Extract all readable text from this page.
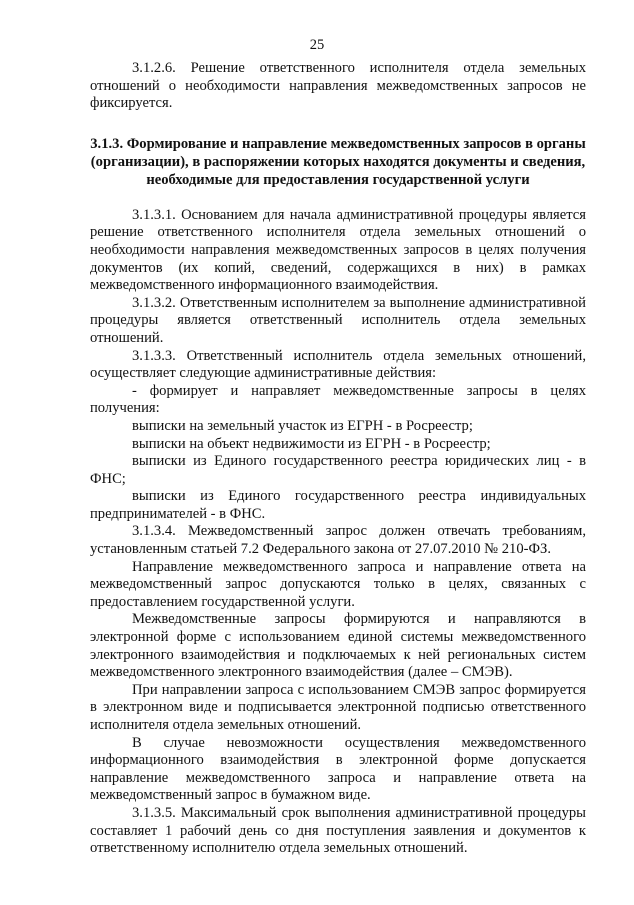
25

3.1.2.6. Решение ответственного исполнителя отдела земельных отношений о необходимости направления межведомственных запросов не фиксируется.

3.1.3. Формирование и направление межведомственных запросов в органы (организации), в распоряжении которых находятся документы и сведения, необходимые для предоставления государственной услуги

3.1.3.1. Основанием для начала административной процедуры является решение ответственного исполнителя отдела земельных отношений о необходимости направления межведомственных запросов в целях получения документов (их копий, сведений, содержащихся в них) в рамках межведомственного информационного взаимодействия.

3.1.3.2. Ответственным исполнителем за выполнение административной процедуры является ответственный исполнитель отдела земельных отношений.

3.1.3.3. Ответственный исполнитель отдела земельных отношений, осуществляет следующие административные действия:

- формирует и направляет межведомственные запросы в целях получения:

выписки на земельный участок из ЕГРН - в Росреестр;

выписки на объект недвижимости из ЕГРН - в Росреестр;

выписки из Единого государственного реестра юридических лиц - в ФНС;

выписки из Единого государственного реестра индивидуальных предпринимателей - в ФНС.

3.1.3.4. Межведомственный запрос должен отвечать требованиям, установленным статьей 7.2 Федерального закона от 27.07.2010 № 210-ФЗ.

Направление межведомственного запроса и направление ответа на межведомственный запрос допускаются только в целях, связанных с предоставлением государственной услуги.

Межведомственные запросы формируются и направляются в электронной форме с использованием единой системы межведомственного электронного взаимодействия и подключаемых к ней региональных систем межведомственного электронного взаимодействия (далее – СМЭВ).

При направлении запроса с использованием СМЭВ запрос формируется в электронном виде и подписывается электронной подписью ответственного исполнителя отдела земельных отношений.

В случае невозможности осуществления межведомственного информационного взаимодействия в электронной форме допускается направление межведомственного запроса и направление ответа на межведомственный запрос в бумажном виде.

3.1.3.5. Максимальный срок выполнения административной процедуры составляет 1 рабочий день со дня поступления заявления и документов к ответственному исполнителю отдела земельных отношений.
